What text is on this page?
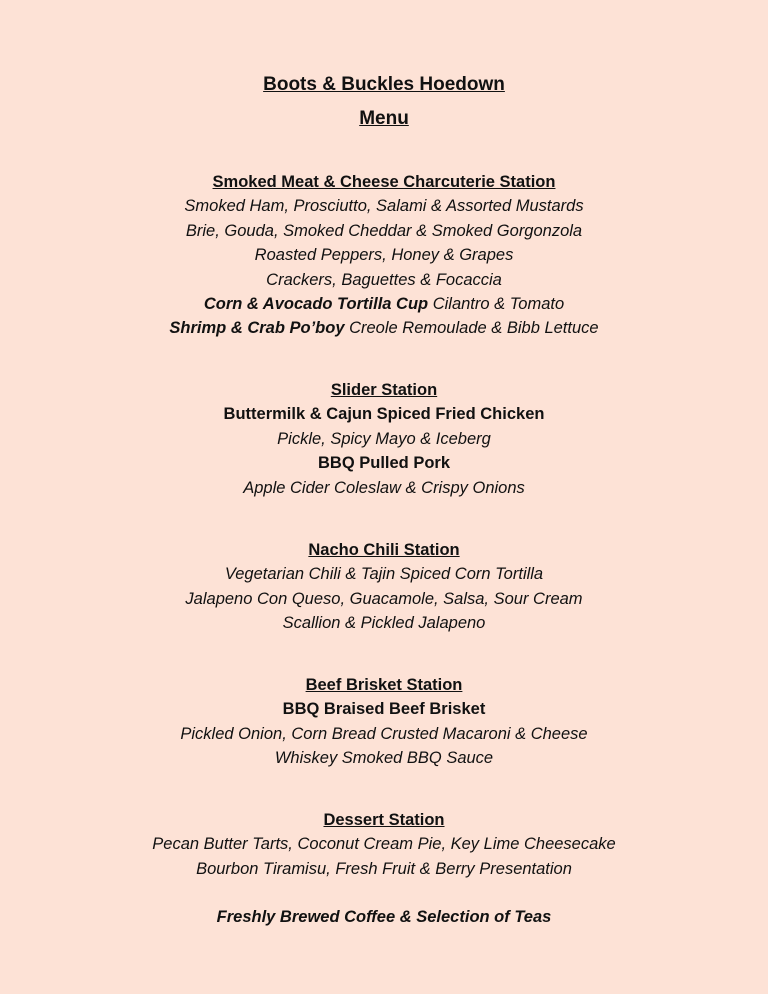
Boots & Buckles Hoedown
Menu
Smoked Meat & Cheese Charcuterie Station
Smoked Ham, Prosciutto, Salami & Assorted Mustards
Brie, Gouda, Smoked Cheddar & Smoked Gorgonzola
Roasted Peppers, Honey & Grapes
Crackers, Baguettes & Focaccia
Corn & Avocado Tortilla Cup Cilantro & Tomato
Shrimp & Crab Po’boy Creole Remoulade & Bibb Lettuce
Slider Station
Buttermilk & Cajun Spiced Fried Chicken
Pickle, Spicy Mayo & Iceberg
BBQ Pulled Pork
Apple Cider Coleslaw & Crispy Onions
Nacho Chili Station
Vegetarian Chili & Tajin Spiced Corn Tortilla
Jalapeno Con Queso, Guacamole, Salsa, Sour Cream
Scallion & Pickled Jalapeno
Beef Brisket Station
BBQ Braised Beef Brisket
Pickled Onion, Corn Bread Crusted Macaroni & Cheese
Whiskey Smoked BBQ Sauce
Dessert Station
Pecan Butter Tarts, Coconut Cream Pie, Key Lime Cheesecake
Bourbon Tiramisu, Fresh Fruit & Berry Presentation
Freshly Brewed Coffee & Selection of Teas
